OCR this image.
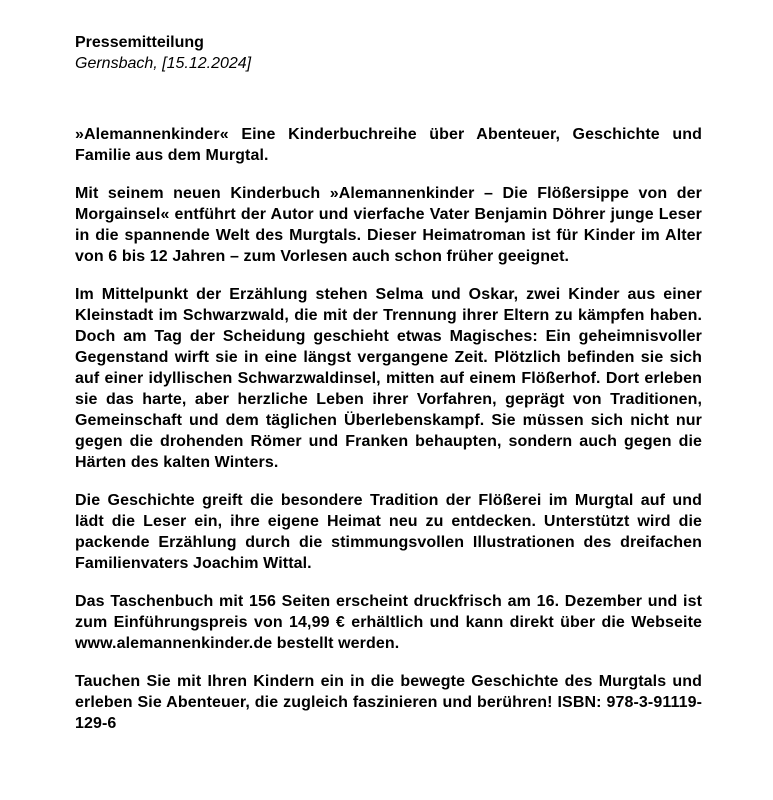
Pressemitteilung
Gernsbach, [15.12.2024]
»Alemannenkinder« Eine Kinderbuchreihe über Abenteuer, Geschichte und Familie aus dem Murgtal.

Mit seinem neuen Kinderbuch »Alemannenkinder – Die Flößersippe von der Morgainsel« entführt der Autor und vierfache Vater Benjamin Döhrer junge Leser in die spannende Welt des Murgtals. Dieser Heimatroman ist für Kinder im Alter von 6 bis 12 Jahren – zum Vorlesen auch schon früher geeignet.

Im Mittelpunkt der Erzählung stehen Selma und Oskar, zwei Kinder aus einer Kleinstadt im Schwarzwald, die mit der Trennung ihrer Eltern zu kämpfen haben. Doch am Tag der Scheidung geschieht etwas Magisches: Ein geheimnisvoller Gegenstand wirft sie in eine längst vergangene Zeit. Plötzlich befinden sie sich auf einer idyllischen Schwarzwaldinsel, mitten auf einem Flößerhof. Dort erleben sie das harte, aber herzliche Leben ihrer Vorfahren, geprägt von Traditionen, Gemeinschaft und dem täglichen Überlebenskampf. Sie müssen sich nicht nur gegen die drohenden Römer und Franken behaupten, sondern auch gegen die Härten des kalten Winters.

Die Geschichte greift die besondere Tradition der Flößerei im Murgtal auf und lädt die Leser ein, ihre eigene Heimat neu zu entdecken. Unterstützt wird die packende Erzählung durch die stimmungsvollen Illustrationen des dreifachen Familienvaters Joachim Wittal.

Das Taschenbuch mit 156 Seiten erscheint druckfrisch am 16. Dezember und ist zum Einführungspreis von 14,99 € erhältlich und kann direkt über die Webseite www.alemannenkinder.de bestellt werden.

Tauchen Sie mit Ihren Kindern ein in die bewegte Geschichte des Murgtals und erleben Sie Abenteuer, die zugleich faszinieren und berühren! ISBN: 978-3-91119-129-6
